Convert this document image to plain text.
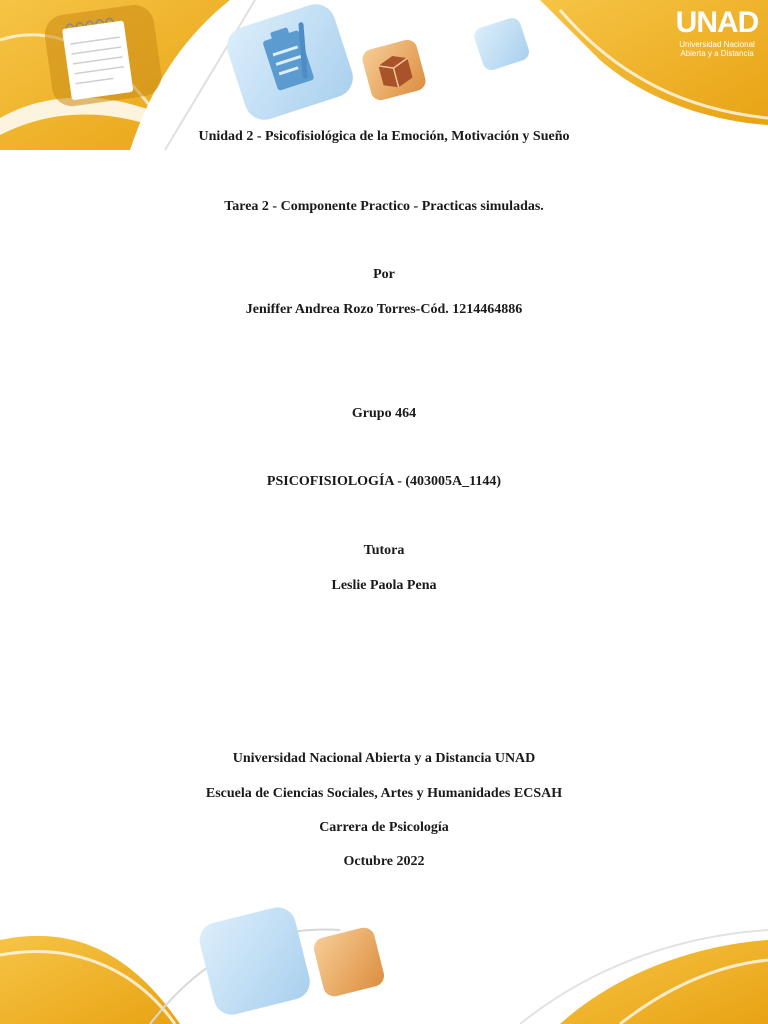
UNAD
Universidad Nacional
Abierta y a Distancia
Unidad 2 - Psicofisiológica de la Emoción, Motivación y Sueño
Tarea 2 - Componente Practico - Practicas simuladas.
Por
Jeniffer Andrea Rozo Torres-Cód. 1214464886
Grupo 464
PSICOFISIOLOGÍA - (403005A_1144)
Tutora
Leslie Paola Pena
Universidad Nacional Abierta y a Distancia UNAD
Escuela de Ciencias Sociales, Artes y Humanidades ECSAH
Carrera de Psicología
Octubre 2022
